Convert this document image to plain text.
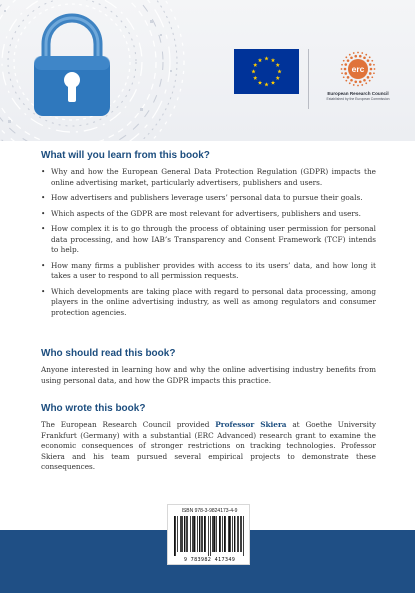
erc
European Research Council
Established by the European Commission
What will you learn from this book?
• Why and how the European General Data Protection Regulation (GDPR) impacts the online advertising market, particularly advertisers, publishers and users.
• How advertisers and publishers leverage users’ personal data to pursue their goals.
• Which aspects of the GDPR are most relevant for advertisers, publishers and users.
• How complex it is to go through the process of obtaining user permission for personal data processing, and how IAB’s Transparency and Consent Framework (TCF) intends to help.
• How many firms a publisher provides with access to its users’ data, and how long it takes a user to respond to all permission requests.
• Which developments are taking place with regard to personal data processing, among players in the online advertising industry, as well as among regulators and consumer protection agencies.
Who should read this book?

Anyone interested in learning how and why the online advertising industry benefits from using personal data, and how the GDPR impacts this practice.

Who wrote this book?

The European Research Council provided Professor Skiera at Goethe University Frankfurt (Germany) with a substantial (ERC Advanced) research grant to examine the economic consequences of stronger restrictions on tracking technologies. Professor Skiera and his team pursued several empirical projects to demonstrate these consequences.

ISBN 978-3-9824173-4-9
9 783982 417349
